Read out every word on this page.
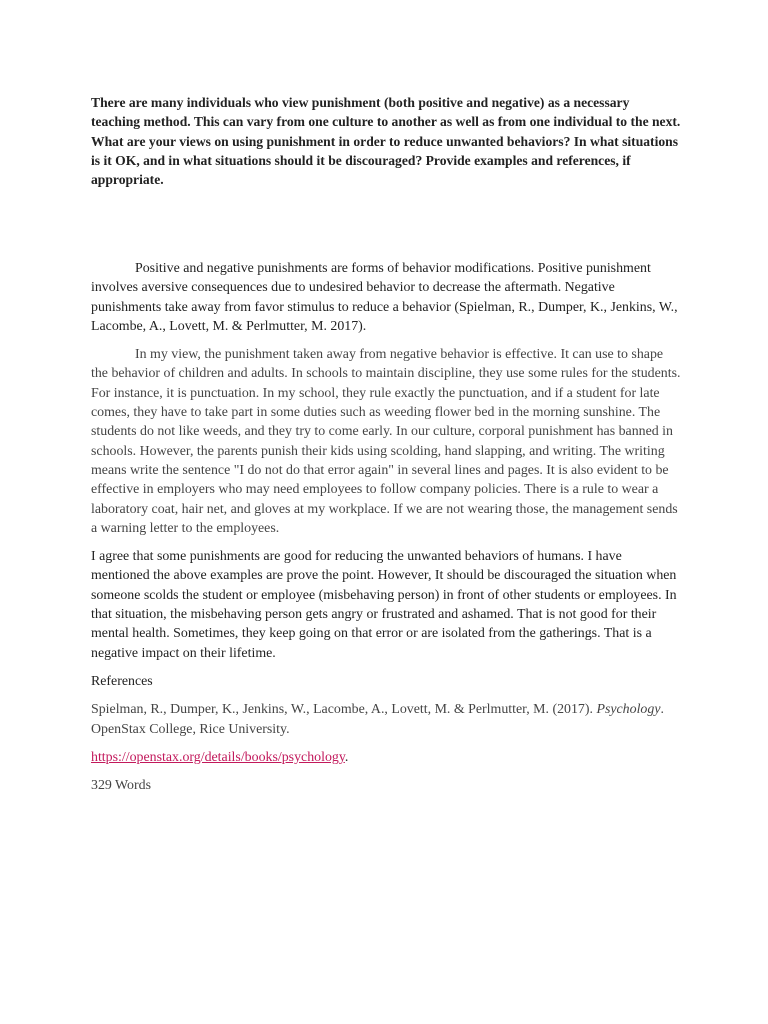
There are many individuals who view punishment (both positive and negative) as a necessary teaching method. This can vary from one culture to another as well as from one individual to the next. What are your views on using punishment in order to reduce unwanted behaviors? In what situations is it OK, and in what situations should it be discouraged? Provide examples and references, if appropriate.

Positive and negative punishments are forms of behavior modifications. Positive punishment involves aversive consequences due to undesired behavior to decrease the aftermath. Negative punishments take away from favor stimulus to reduce a behavior (Spielman, R., Dumper, K., Jenkins, W., Lacombe, A., Lovett, M. & Perlmutter, M. 2017).

In my view, the punishment taken away from negative behavior is effective. It can use to shape the behavior of children and adults. In schools to maintain discipline, they use some rules for the students. For instance, it is punctuation. In my school, they rule exactly the punctuation, and if a student for late comes, they have to take part in some duties such as weeding flower bed in the morning sunshine. The students do not like weeds, and they try to come early. In our culture, corporal punishment has banned in schools. However, the parents punish their kids using scolding, hand slapping, and writing. The writing means write the sentence "I do not do that error again" in several lines and pages. It is also evident to be effective in employers who may need employees to follow company policies. There is a rule to wear a laboratory coat, hair net, and gloves at my workplace. If we are not wearing those, the management sends a warning letter to the employees.

I agree that some punishments are good for reducing the unwanted behaviors of humans. I have mentioned the above examples are prove the point. However, It should be discouraged the situation when someone scolds the student or employee (misbehaving person) in front of other students or employees. In that situation, the misbehaving person gets angry or frustrated and ashamed. That is not good for their mental health. Sometimes, they keep going on that error or are isolated from the gatherings. That is a negative impact on their lifetime.

References

Spielman, R., Dumper, K., Jenkins, W., Lacombe, A., Lovett, M. & Perlmutter, M. (2017). Psychology. OpenStax College, Rice University.

https://openstax.org/details/books/psychology.

329 Words
